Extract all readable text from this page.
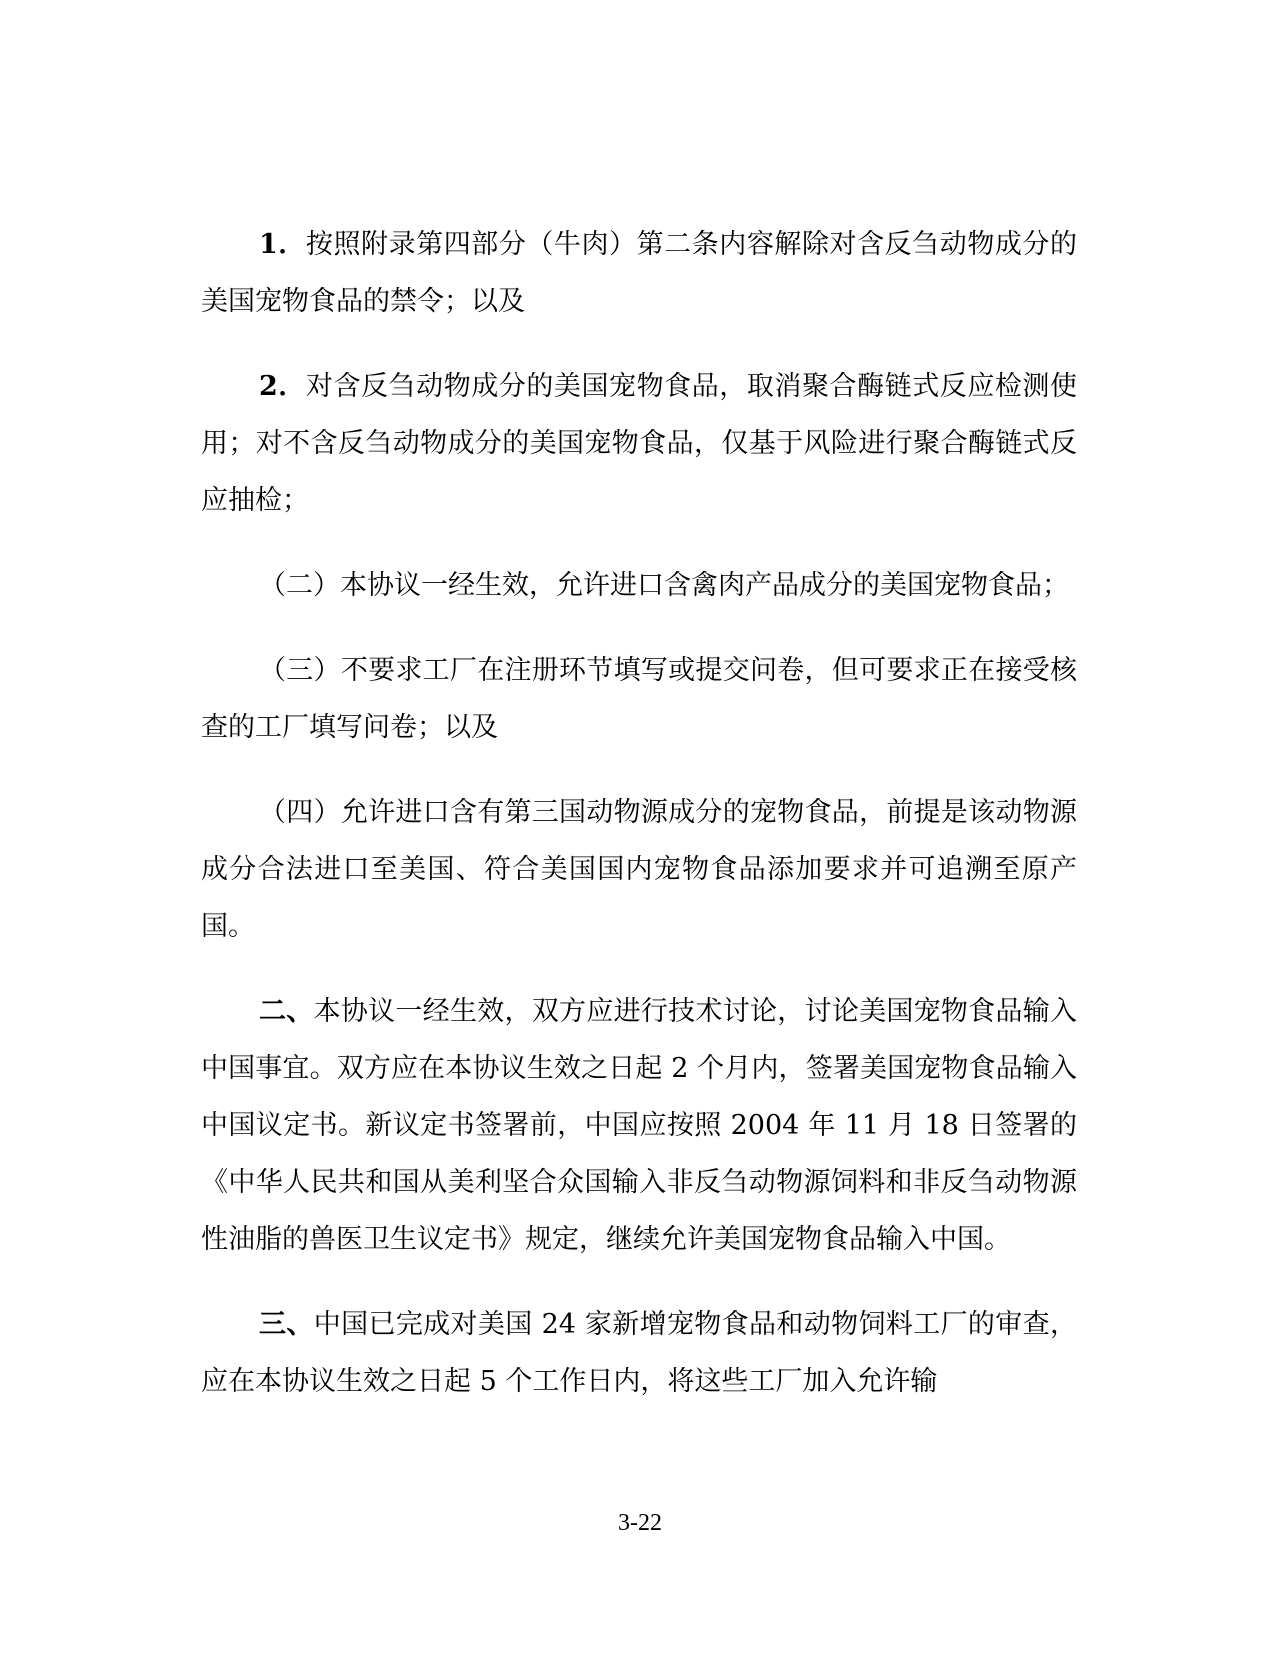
1．按照附录第四部分（牛肉）第二条内容解除对含反刍动物成分的美国宠物食品的禁令；以及

2．对含反刍动物成分的美国宠物食品，取消聚合酶链式反应检测使用；对不含反刍动物成分的美国宠物食品，仅基于风险进行聚合酶链式反应抽检；

（二）本协议一经生效，允许进口含禽肉产品成分的美国宠物食品；

（三）不要求工厂在注册环节填写或提交问卷，但可要求正在接受核查的工厂填写问卷；以及

（四）允许进口含有第三国动物源成分的宠物食品，前提是该动物源成分合法进口至美国、符合美国国内宠物食品添加要求并可追溯至原产国。

二、本协议一经生效，双方应进行技术讨论，讨论美国宠物食品输入中国事宜。双方应在本协议生效之日起 2 个月内，签署美国宠物食品输入中国议定书。新议定书签署前，中国应按照 2004 年 11 月 18 日签署的《中华人民共和国从美利坚合众国输入非反刍动物源饲料和非反刍动物源性油脂的兽医卫生议定书》规定，继续允许美国宠物食品输入中国。

三、中国已完成对美国 24 家新增宠物食品和动物饲料工厂的审查，应在本协议生效之日起 5 个工作日内，将这些工厂加入允许输

3-22
